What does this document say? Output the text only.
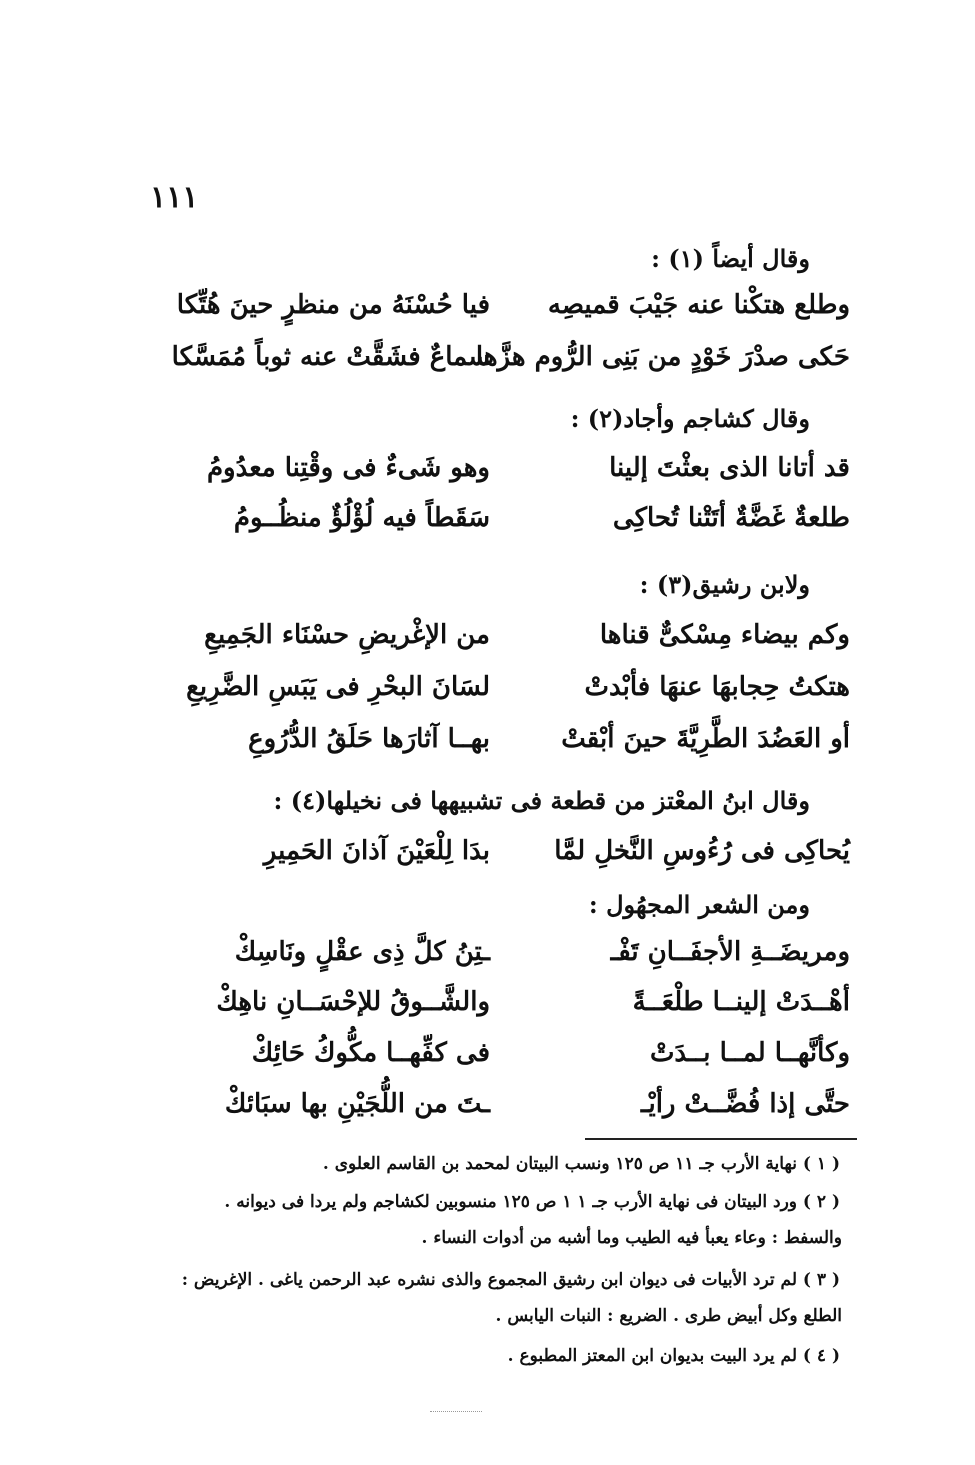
١١١
وقال أيضاً (١) :
وطلع هتكْنا عنه جَيْبَ قميصِه
فيا حُسْنَهُ من منظرٍ حينَ هُتِّكا
حَكى صدْرَ خَوْدٍ من بَنِى الرُّوم هزَّها
سماعٌ فشَقَّتْ عنه ثوباً مُمَسَّكا
وقال كشاجم وأجاد(٢) :
قد أتانا الذى بعثْتَ إلينا
وهو شَىءٌ فى وقْتِنا معدُومُ
طلعةٌ غَضَّةٌ أتَتْنا تُحاكِى
سَقَطاً فيه لُؤْلُؤٌ منظُــومُ
ولابن رشيق(٣) :
وكم بيضاء مِسْكىٌّ قناها
من الإغْريضِ حسْنَاء الجَمِيعِ
هتكتُ حِجابهَا عنهَا فأبْدتْ
لسَانَ البحْرِ فى يَبَسِ الضَّرِيعِ
أو العَضُدَ الطَّرِيَّةَ حينَ أبْقتْ
بهــا آثارَها حَلَقُ الدُّرُوعِ
وقال ابنُ المعْتز من قطعة فى تشبيهها فى نخيلها(٤) :
يُحاكِى فى رُءُوسِ النَّخلِ لمَّا
بدَا لِلْعَيْنَ آذانَ الحَمِيرِ
ومن الشعر المجهُول :
ومريضَــةِ الأجفَــانِ تَفْـ
ـتِنُ كلَّ ذِى عقْلٍ ونَاسِكْ
أهْــدَتْ إلينــا طلْعَــةً
والشَّــوقُ للإحْسَــانِ ناهِكْ
وكأنَّهــا لمــا بــدَتْ
فى كفِّهــا مكُّوكُ حَائِكْ
حتَّى إذا فُضَّــتْ رأيْـ
ـتَ من اللُّجَيْنِ بها سبَائكْ
( ١ ) نهاية الأرب جـ ١١ ص ١٢٥ ونسب البيتان لمحمد بن القاسم العلوى .
( ٢ ) ورد البيتان فى نهاية الأرب جـ ١ ١ ص ١٢٥ منسوبين لكشاجم ولم يردا فى ديوانه .
والسفط : وعاء يعبأ فيه الطيب وما أشبه من أدوات النساء .
( ٣ ) لم ترد الأبيات فى ديوان ابن رشيق المجموع والذى نشره عبد الرحمن ياغى . الإغريض :
الطلع وكل أبيض طرى . الضريع : النبات اليابس .
( ٤ ) لم يرد البيت بديوان ابن المعتز المطبوع .
